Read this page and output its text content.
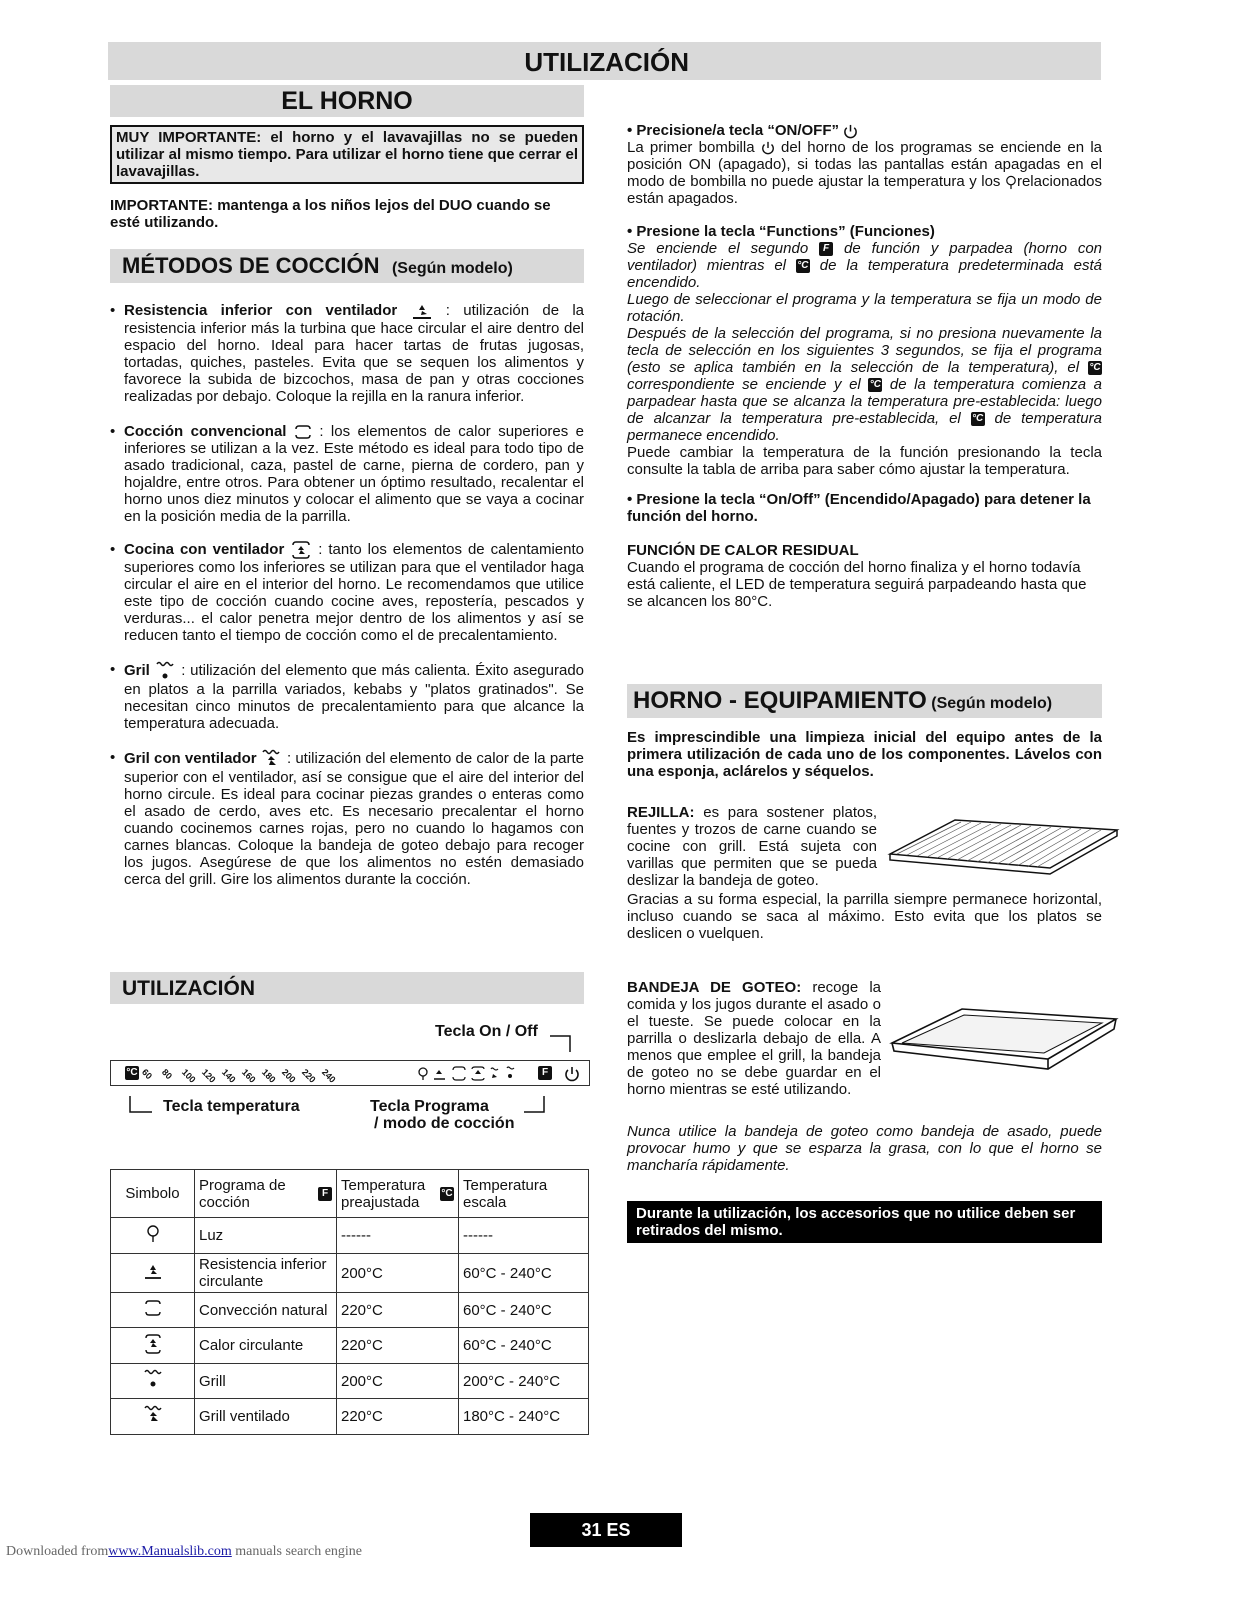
UTILIZACIÓN
EL HORNO
MUY IMPORTANTE: el horno y el lavavajillas no se pueden utilizar al mismo tiempo. Para utilizar el horno tiene que cerrar el lavavajillas.
IMPORTANTE: mantenga a los niños lejos del DUO cuando se esté utilizando.
MÉTODOS DE COCCIÓN (Según modelo)
• Resistencia inferior con ventilador	: utilización de la resistencia inferior más la turbina que hace circular el aire dentro del espacio del horno. Ideal para hacer tartas de frutas jugosas, tortadas, quiches, pasteles. Evita que se sequen los alimentos y favorece la subida de bizcochos, masa de pan y otras cocciones realizadas por debajo. Coloque la rejilla en la ranura inferior.
• Cocción convencional : los elementos de calor superiores e inferiores se utilizan a la vez. Este método es ideal para todo tipo de asado tradicional, caza, pastel de carne, pierna de cordero, pan y hojaldre, entre otros. Para obtener un óptimo resultado, recalentar el horno unos diez minutos y colocar el alimento que se vaya a cocinar en la posición media de la parrilla.
• Cocina con ventilador : tanto los elementos de calentamiento superiores como los inferiores se utilizan para que el ventilador haga circular el aire en el interior del horno. Le recomendamos que utilice este tipo de cocción cuando cocine aves, repostería, pescados y verduras... el calor penetra mejor dentro de los alimentos y así se reducen tanto el tiempo de cocción como el de precalentamiento.
• Gril : utilización del elemento que más calienta. Éxito asegurado en platos a la parrilla variados, kebabs y "platos gratinados". Se necesitan cinco minutos de precalentamiento para que alcance la temperatura adecuada.
• Gril con ventilador : utilización del elemento de calor de la parte superior con el ventilador, así se consigue que el aire del interior del horno circule. Es ideal para cocinar piezas grandes o enteras como el asado de cerdo, aves etc. Es necesario precalentar el horno cuando cocinemos carnes rojas, pero no cuando lo hagamos con carnes blancas. Coloque la bandeja de goteo debajo para recoger los jugos. Asegúrese de que los alimentos no estén demasiado cerca del grill. Gire los alimentos durante la cocción.
UTILIZACIÓN
Tecla On / Off
°C 60 80 100 120 140 160 180 200 220 240	F
Tecla temperatura	Tecla Programa
/ modo de cocción
Simbolo	Programa de cocción F	Temperatura preajustada °C	Temperatura escala
	Luz	------	------
	Resistencia inferior circulante	200°C	60°C - 240°C
	Convección natural	220°C	60°C - 240°C
	Calor circulante	220°C	60°C - 240°C
	Grill	200°C	200°C - 240°C
	Grill ventilado	220°C	180°C - 240°C
• Precisione/a tecla “ON/OFF”
La primer bombilla del horno de los programas se enciende en la posición ON (apagado), si todas las pantallas están apagadas en el modo de bombilla no puede ajustar la temperatura y los relacionados están apagados.
• Presione la tecla “Functions” (Funciones)
Se enciende el segundo F de función y parpadea (horno con ventilador) mientras el °C de la temperatura predeterminada está encendido.
Luego de seleccionar el programa y la temperatura se fija un modo de rotación.
Después de la selección del programa, si no presiona nuevamente la tecla de selección en los siguientes 3 segundos, se fija el programa (esto se aplica también en la selección de la temperatura), el °C correspondiente se enciende y el °C de la temperatura comienza a parpadear hasta que se alcanza la temperatura pre-establecida: luego de alcanzar la temperatura pre-establecida, el °C de temperatura permanece encendido.
Puede cambiar la temperatura de la función presionando la tecla consulte la tabla de arriba para saber cómo ajustar la temperatura.
• Presione la tecla “On/Off” (Encendido/Apagado) para detener la función del horno.
FUNCIÓN DE CALOR RESIDUAL
Cuando el programa de cocción del horno finaliza y el horno todavía está caliente, el LED de temperatura seguirá parpadeando hasta que se alcancen los 80°C.
HORNO - EQUIPAMIENTO (Según modelo)
Es imprescindible una limpieza inicial del equipo antes de la primera utilización de cada uno de los componentes. Lávelos con una esponja, aclárelos y séquelos.
REJILLA: es para sostener platos, fuentes y trozos de carne cuando se cocine con grill. Está sujeta con varillas que permiten que se pueda deslizar la bandeja de goteo.
Gracias a su forma especial, la parrilla siempre permanece horizontal, incluso cuando se saca al máximo. Esto evita que los platos se deslicen o vuelquen.
BANDEJA DE GOTEO: recoge la comida y los jugos durante el asado o el tueste. Se puede colocar en la parrilla o deslizarla debajo de ella. A menos que emplee el grill, la bandeja de goteo no se debe guardar en el horno mientras se esté utilizando.
Nunca utilice la bandeja de goteo como bandeja de asado, puede provocar humo y que se esparza la grasa, con lo que el horno se mancharía rápidamente.
Durante la utilización, los accesorios que no utilice deben ser retirados del mismo.
31 ES
Downloaded fromwww.Manualslib.com manuals search engine
